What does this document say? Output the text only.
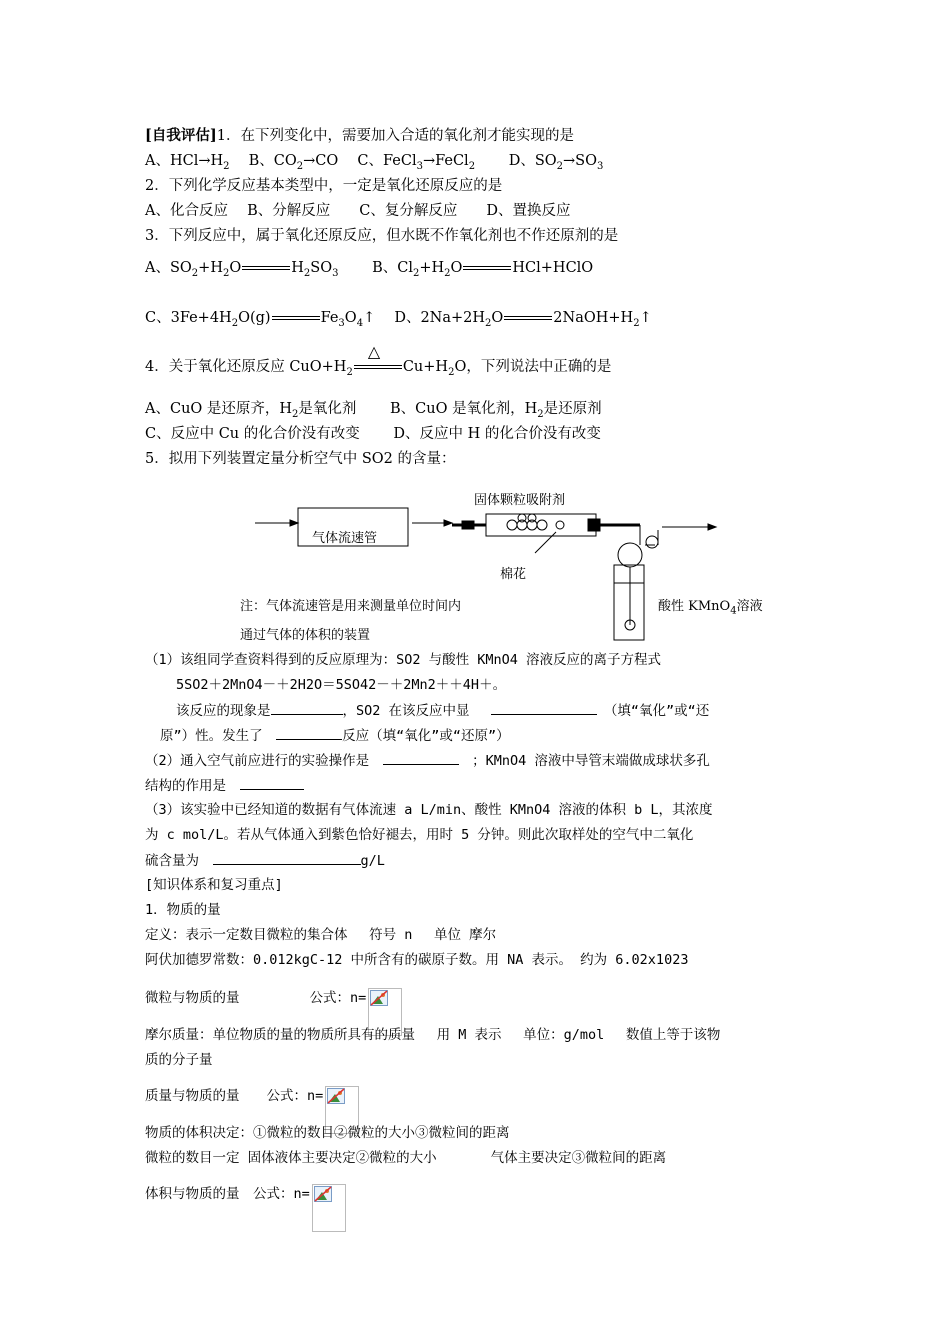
[自我评估]1．在下列变化中，需要加入合适的氧化剂才能实现的是
A、$HCl\to H_2$　 B、$CO_2\to CO$　 C、FeCl$_3$→FeCl$_2$　　 D、$SO_2\to SO_3$
2．下列化学反应基本类型中，一定是氧化还原反应的是
A、化合反应　 B、分解反应　　C、复分解反应　　D、置换反应
3．下列反应中，属于氧化还原反应，但水既不作氧化剂也不作还原剂的是
A、$SO_2+H_2O$	$H_2SO_3$　　 B、$Cl_2+H_2O$	HCl+HClO
C、$3Fe+4H_2O(g)$	$Fe_3O_4↑$　 D、$2Na+2H_2O$	$2NaOH+H_2↑$
4．关于氧化还原反应 $CuO+H_2$
△
$Cu+H_2O$，下列说法中正确的是
A、CuO 是还原齐，$H_2$是氧化剂　　 B、CuO 是氧化剂，$H_2$是还原剂
C、反应中 Cu 的化合价没有改变　　 D、反应中 H 的化合价没有改变
5．拟用下列装置定量分析空气中 SO2 的含量：
气体流速管
固体颗粒吸附剂
棉花
酸性 KMnO$_4$溶液
注：气体流速管是用来测量单位时间内
通过气体的体积的装置
（1）该组同学查资料得到的反应原理为：SO2 与酸性 KMnO4 溶液反应的离子方程式
5SO2＋2MnO4－＋2H2O＝5SO42－＋2Mn2＋＋4H＋。
该反应的现象是	，SO2 在该反应中显　 　	（填“氧化”或“还
原”）性。发生了　	反应（填“氧化”或“还原”）
（2）通入空气前应进行的实验操作是　　	；KMnO4 溶液中导管末端做成球状多孔
结构的作用是　
（3）该实验中已经知道的数据有气体流速 a L/min、酸性 KMnO4 溶液的体积 b L，其浓度
为 c mol/L。若从气体通入到紫色恰好褪去，用时 5 分钟。则此次取样处的空气中二氧化
硫含量为　	g/L
[知识体系和复习重点]
1．物质的量
定义：表示一定数目微粒的集合体　 符号 n　 单位 摩尔
阿伏加德罗常数：0.012kgC-12 中所含有的碳原子数。用 NA 表示。 约为 6.02x1023
微粒与物质的量	公式：n=
摩尔质量：单位物质的量的物质所具有的质量　 用 M 表示　 单位：g/mol　 数值上等于该物
质的分子量
质量与物质的量　　 公式：n=
物质的体积决定：①微粒的数目②微粒的大小③微粒间的距离
微粒的数目一定 固体液体主要决定②微粒的大小　　　　气体主要决定③微粒间的距离
体积与物质的量　 公式：n=
